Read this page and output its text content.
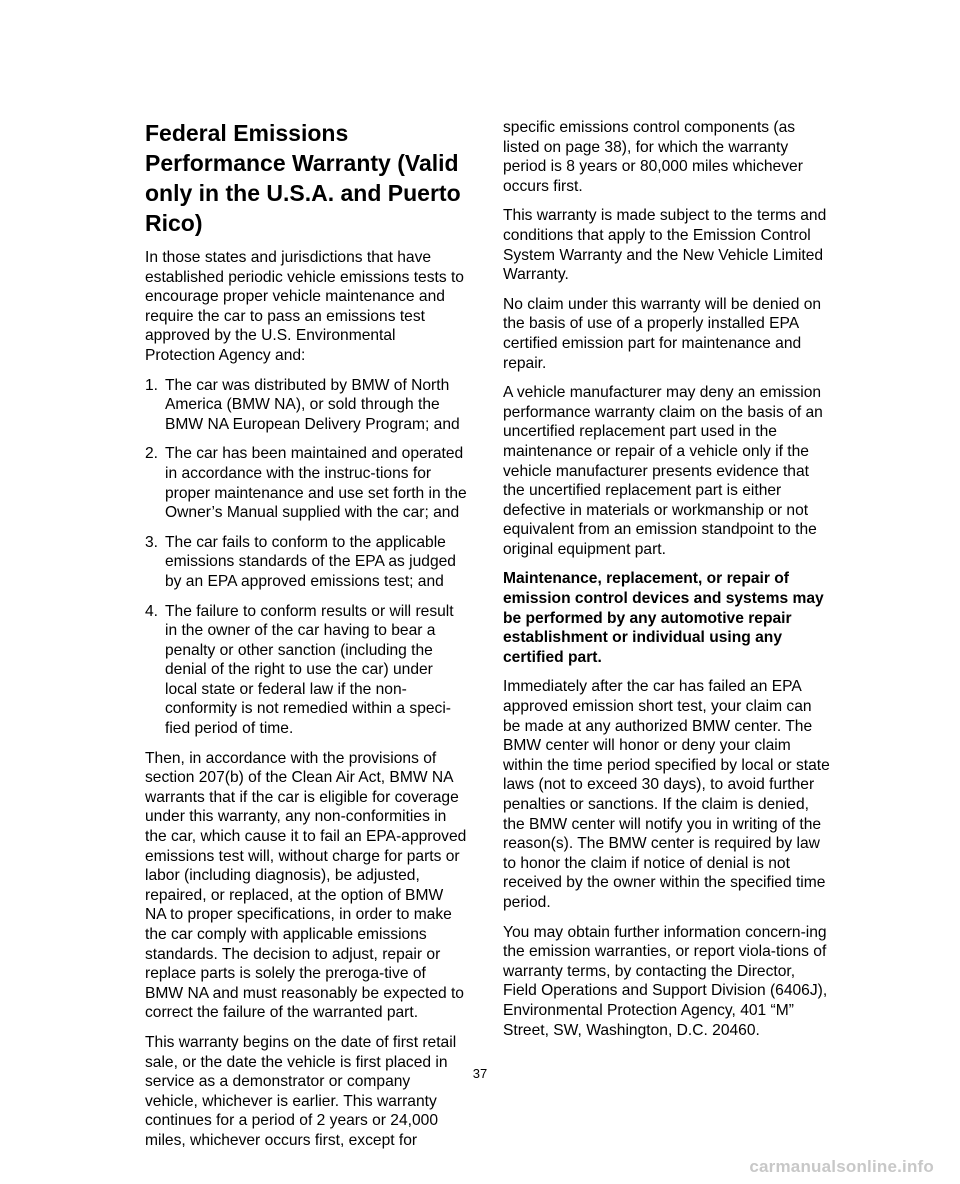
Federal Emissions Performance Warranty (Valid only in the U.S.A. and Puerto Rico)

In those states and jurisdictions that have established periodic vehicle emissions tests to encourage proper vehicle maintenance and require the car to pass an emissions test approved by the U.S. Environmental Protection Agency and:

1. The car was distributed by BMW of North America (BMW NA), or sold through the BMW NA European Delivery Program; and
2. The car has been maintained and operated in accordance with the instruc-tions for proper maintenance and use set forth in the Owner’s Manual supplied with the car; and
3. The car fails to conform to the applicable emissions standards of the EPA as judged by an EPA approved emissions test; and
4. The failure to conform results or will result in the owner of the car having to bear a penalty or other sanction (including the denial of the right to use the car) under local state or federal law if the non-conformity is not remedied within a speci-fied period of time.

Then, in accordance with the provisions of section 207(b) of the Clean Air Act, BMW NA warrants that if the car is eligible for coverage under this warranty, any non-conformities in the car, which cause it to fail an EPA-approved emissions test will, without charge for parts or labor (including diagnosis), be adjusted, repaired, or replaced, at the option of BMW NA to proper specifications, in order to make the car comply with applicable emissions standards. The decision to adjust, repair or replace parts is solely the preroga-tive of BMW NA and must reasonably be expected to correct the failure of the warranted part.

This warranty begins on the date of first retail sale, or the date the vehicle is first placed in service as a demonstrator or company vehicle, whichever is earlier. This warranty continues for a period of 2 years or 24,000 miles, whichever occurs first, except for

specific emissions control components (as listed on page 38), for which the warranty period is 8 years or 80,000 miles whichever occurs first.

This warranty is made subject to the terms and conditions that apply to the Emission Control System Warranty and the New Vehicle Limited Warranty.

No claim under this warranty will be denied on the basis of use of a properly installed EPA certified emission part for maintenance and repair.

A vehicle manufacturer may deny an emission performance warranty claim on the basis of an uncertified replacement part used in the maintenance or repair of a vehicle only if the vehicle manufacturer presents evidence that the uncertified replacement part is either defective in materials or workmanship or not equivalent from an emission standpoint to the original equipment part.

Maintenance, replacement, or repair of emission control devices and systems may be performed by any automotive repair establishment or individual using any certified part.

Immediately after the car has failed an EPA approved emission short test, your claim can be made at any authorized BMW center. The BMW center will honor or deny your claim within the time period specified by local or state laws (not to exceed 30 days), to avoid further penalties or sanctions. If the claim is denied, the BMW center will notify you in writing of the reason(s). The BMW center is required by law to honor the claim if notice of denial is not received by the owner within the specified time period.

You may obtain further information concern-ing the emission warranties, or report viola-tions of warranty terms, by contacting the Director, Field Operations and Support Division (6406J), Environmental Protection Agency, 401 “M” Street, SW, Washington, D.C. 20460.

37
carmanualsonline.info
